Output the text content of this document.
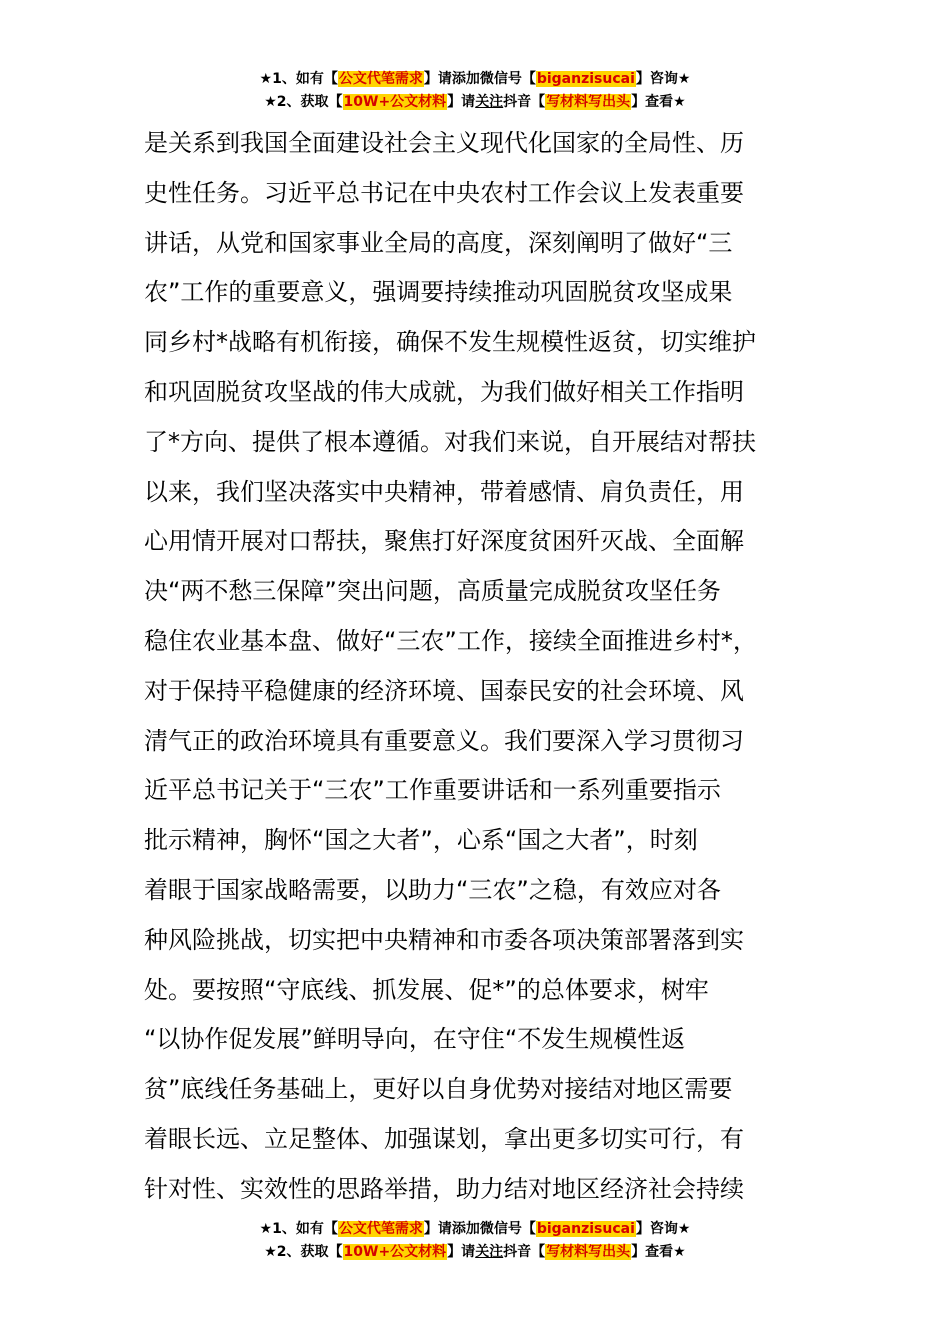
★1、如有【公文代笔需求】请添加微信号【biganzisucai】咨询★
★2、获取【10W+公文材料】请关注抖音【写材料写出头】查看★
是关系到我国全面建设社会主义现代化国家的全局性、历
史性任务。习近平总书记在中央农村工作会议上发表重要
讲话，从党和国家事业全局的高度，深刻阐明了做好“三
农”工作的重要意义，强调要持续推动巩固脱贫攻坚成果
同乡村*战略有机衔接，确保不发生规模性返贫，切实维护
和巩固脱贫攻坚战的伟大成就，为我们做好相关工作指明
了*方向、提供了根本遵循。对我们来说，自开展结对帮扶
以来，我们坚决落实中央精神，带着感情、肩负责任，用
心用情开展对口帮扶，聚焦打好深度贫困歼灭战、全面解
决“两不愁三保障”突出问题，高质量完成脱贫攻坚任务
稳住农业基本盘、做好“三农”工作，接续全面推进乡村*，
对于保持平稳健康的经济环境、国泰民安的社会环境、风
清气正的政治环境具有重要意义。我们要深入学习贯彻习
近平总书记关于“三农”工作重要讲话和一系列重要指示
批示精神，胸怀“国之大者”，心系“国之大者”，时刻
着眼于国家战略需要，以助力“三农”之稳，有效应对各
种风险挑战，切实把中央精神和市委各项决策部署落到实
处。要按照“守底线、抓发展、促*”的总体要求，树牢
“以协作促发展”鲜明导向，在守住“不发生规模性返
贫”底线任务基础上，更好以自身优势对接结对地区需要
着眼长远、立足整体、加强谋划，拿出更多切实可行，有
针对性、实效性的思路举措，助力结对地区经济社会持续
★1、如有【公文代笔需求】请添加微信号【biganzisucai】咨询★
★2、获取【10W+公文材料】请关注抖音【写材料写出头】查看★
